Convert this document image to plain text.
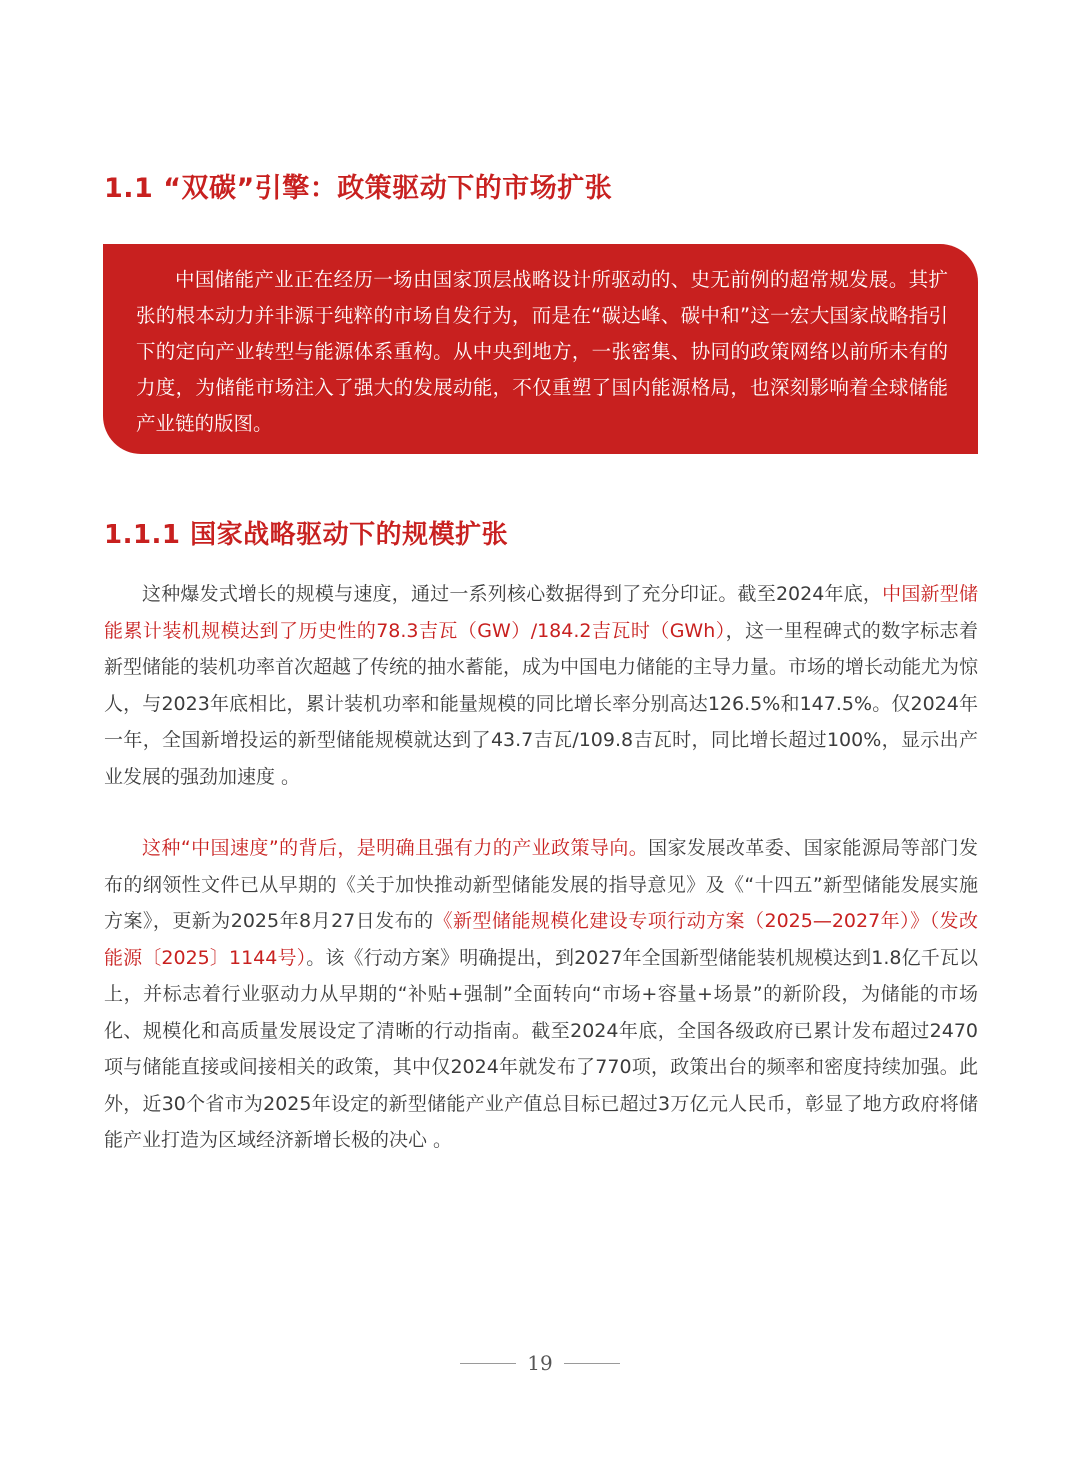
1.1 “双碳”引擎：政策驱动下的市场扩张
中国储能产业正在经历一场由国家顶层战略设计所驱动的、史无前例的超常规发展。其扩张的根本动力并非源于纯粹的市场自发行为，而是在“碳达峰、碳中和”这一宏大国家战略指引下的定向产业转型与能源体系重构。从中央到地方，一张密集、协同的政策网络以前所未有的力度，为储能市场注入了强大的发展动能，不仅重塑了国内能源格局，也深刻影响着全球储能产业链的版图。
1.1.1 国家战略驱动下的规模扩张

这种爆发式增长的规模与速度，通过一系列核心数据得到了充分印证。截至2024年底，中国新型储能累计装机规模达到了历史性的78.3吉瓦（GW）/184.2吉瓦时（GWh），这一里程碑式的数字标志着新型储能的装机功率首次超越了传统的抽水蓄能，成为中国电力储能的主导力量。市场的增长动能尤为惊人，与2023年底相比，累计装机功率和能量规模的同比增长率分别高达126.5%和147.5%。仅2024年一年，全国新增投运的新型储能规模就达到了43.7吉瓦/109.8吉瓦时，同比增长超过100%，显示出产业发展的强劲加速度 。

这种“中国速度”的背后，是明确且强有力的产业政策导向。国家发展改革委、国家能源局等部门发布的纲领性文件已从早期的《关于加快推动新型储能发展的指导意见》及《“十四五”新型储能发展实施方案》，更新为2025年8月27日发布的《新型储能规模化建设专项行动方案（2025—2027年）》（发改能源〔2025〕1144号）。该《行动方案》明确提出，到2027年全国新型储能装机规模达到1.8亿千瓦以上，并标志着行业驱动力从早期的“补贴+强制”全面转向“市场+容量+场景”的新阶段，为储能的市场化、规模化和高质量发展设定了清晰的行动指南。截至2024年底，全国各级政府已累计发布超过2470项与储能直接或间接相关的政策，其中仅2024年就发布了770项，政策出台的频率和密度持续加强。此外，近30个省市为2025年设定的新型储能产业产值总目标已超过3万亿元人民币，彰显了地方政府将储能产业打造为区域经济新增长极的决心 。

19
